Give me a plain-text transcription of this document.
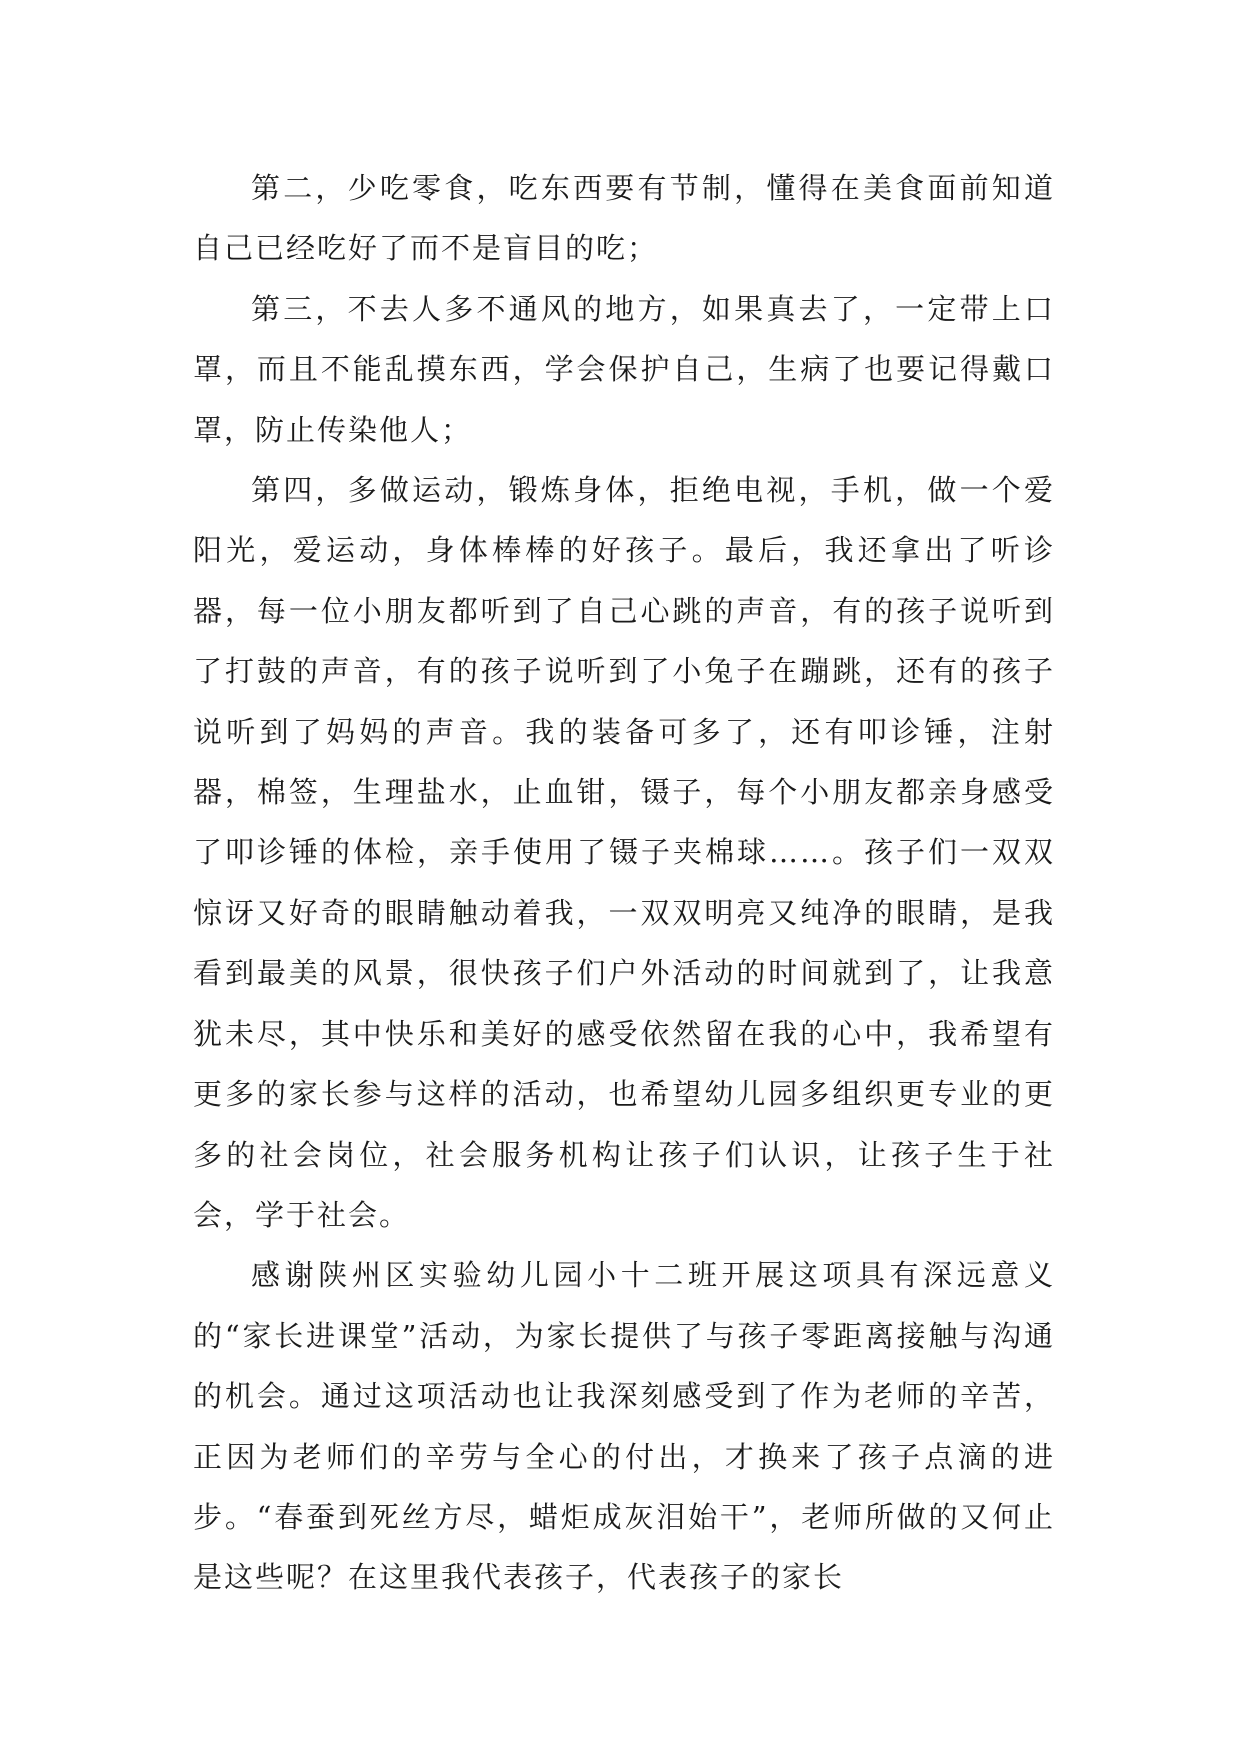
第二，少吃零食，吃东西要有节制，懂得在美食面前知道自己已经吃好了而不是盲目的吃；

第三，不去人多不通风的地方，如果真去了，一定带上口罩，而且不能乱摸东西，学会保护自己，生病了也要记得戴口罩，防止传染他人；

第四，多做运动，锻炼身体，拒绝电视，手机，做一个爱阳光，爱运动，身体棒棒的好孩子。最后，我还拿出了听诊器，每一位小朋友都听到了自己心跳的声音，有的孩子说听到了打鼓的声音，有的孩子说听到了小兔子在蹦跳，还有的孩子说听到了妈妈的声音。我的装备可多了，还有叩诊锤，注射器，棉签，生理盐水，止血钳，镊子，每个小朋友都亲身感受了叩诊锤的体检，亲手使用了镊子夹棉球……。孩子们一双双惊讶又好奇的眼睛触动着我，一双双明亮又纯净的眼睛，是我看到最美的风景，很快孩子们户外活动的时间就到了，让我意犹未尽，其中快乐和美好的感受依然留在我的心中，我希望有更多的家长参与这样的活动，也希望幼儿园多组织更专业的更多的社会岗位，社会服务机构让孩子们认识，让孩子生于社会，学于社会。

感谢陕州区实验幼儿园小十二班开展这项具有深远意义的“家长进课堂”活动，为家长提供了与孩子零距离接触与沟通的机会。通过这项活动也让我深刻感受到了作为老师的辛苦，正因为老师们的辛劳与全心的付出，才换来了孩子点滴的进步。“春蚕到死丝方尽，蜡炬成灰泪始干”，老师所做的又何止是这些呢？在这里我代表孩子，代表孩子的家长
